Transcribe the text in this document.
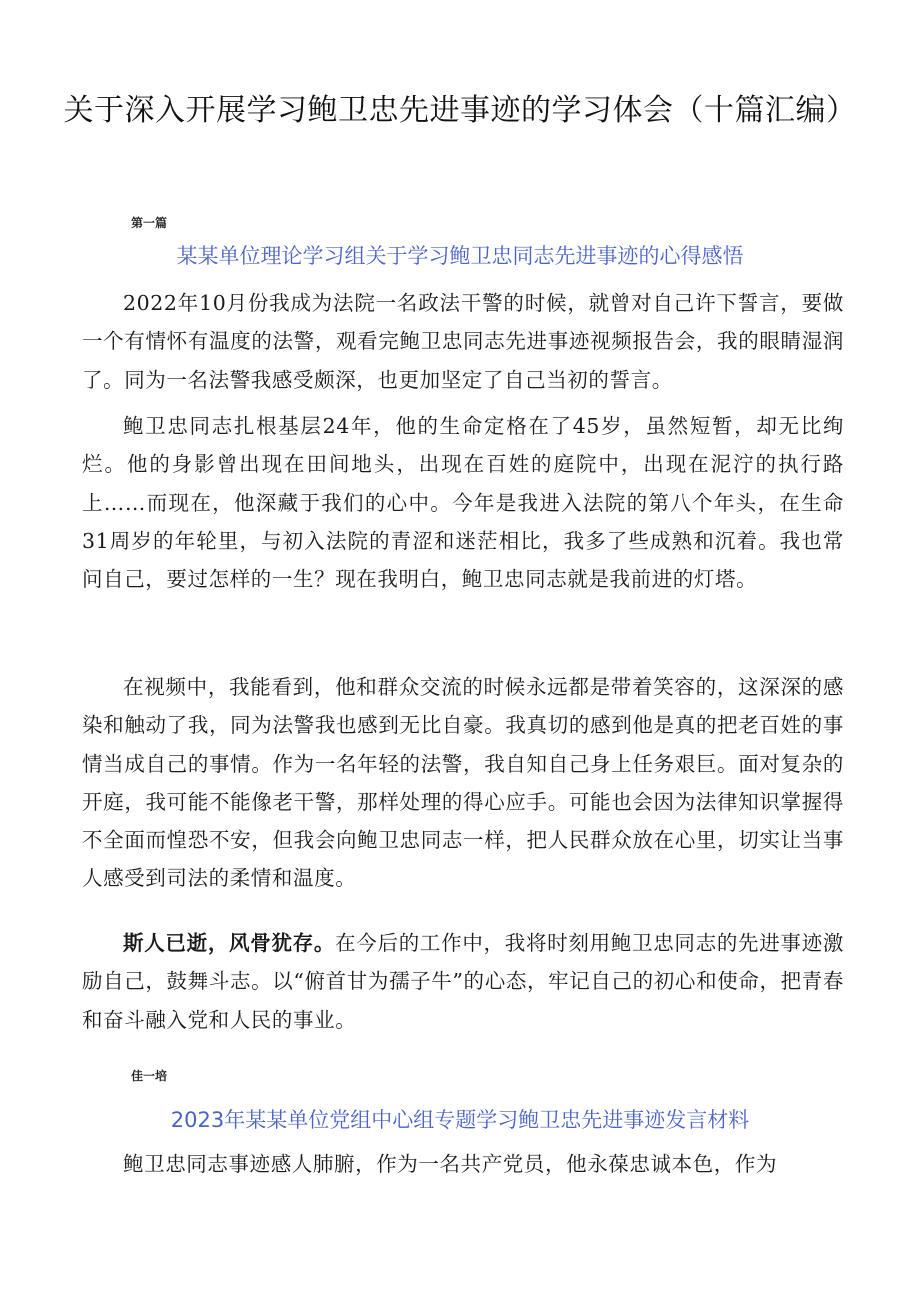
关于深入开展学习鲍卫忠先进事迹的学习体会（十篇汇编）

第一篇

某某单位理论学习组关于学习鲍卫忠同志先进事迹的心得感悟

2022年10月份我成为法院一名政法干警的时候，就曾对自己许下誓言，要做一个有情怀有温度的法警，观看完鲍卫忠同志先进事迹视频报告会，我的眼睛湿润了。同为一名法警我感受颇深，也更加坚定了自己当初的誓言。

鲍卫忠同志扎根基层24年，他的生命定格在了45岁，虽然短暂，却无比绚烂。他的身影曾出现在田间地头，出现在百姓的庭院中，出现在泥泞的执行路上……而现在，他深藏于我们的心中。今年是我进入法院的第八个年头，在生命31周岁的年轮里，与初入法院的青涩和迷茫相比，我多了些成熟和沉着。我也常问自己，要过怎样的一生？现在我明白，鲍卫忠同志就是我前进的灯塔。

在视频中，我能看到，他和群众交流的时候永远都是带着笑容的，这深深的感染和触动了我，同为法警我也感到无比自豪。我真切的感到他是真的把老百姓的事情当成自己的事情。作为一名年轻的法警，我自知自己身上任务艰巨。面对复杂的开庭，我可能不能像老干警，那样处理的得心应手。可能也会因为法律知识掌握得不全面而惶恐不安，但我会向鲍卫忠同志一样，把人民群众放在心里，切实让当事人感受到司法的柔情和温度。

斯人已逝，风骨犹存。在今后的工作中，我将时刻用鲍卫忠同志的先进事迹激励自己，鼓舞斗志。以“俯首甘为孺子牛”的心态，牢记自己的初心和使命，把青春和奋斗融入党和人民的事业。

佳一培

2023年某某单位党组中心组专题学习鲍卫忠先进事迹发言材料

鲍卫忠同志事迹感人肺腑，作为一名共产党员，他永葆忠诚本色，作为
